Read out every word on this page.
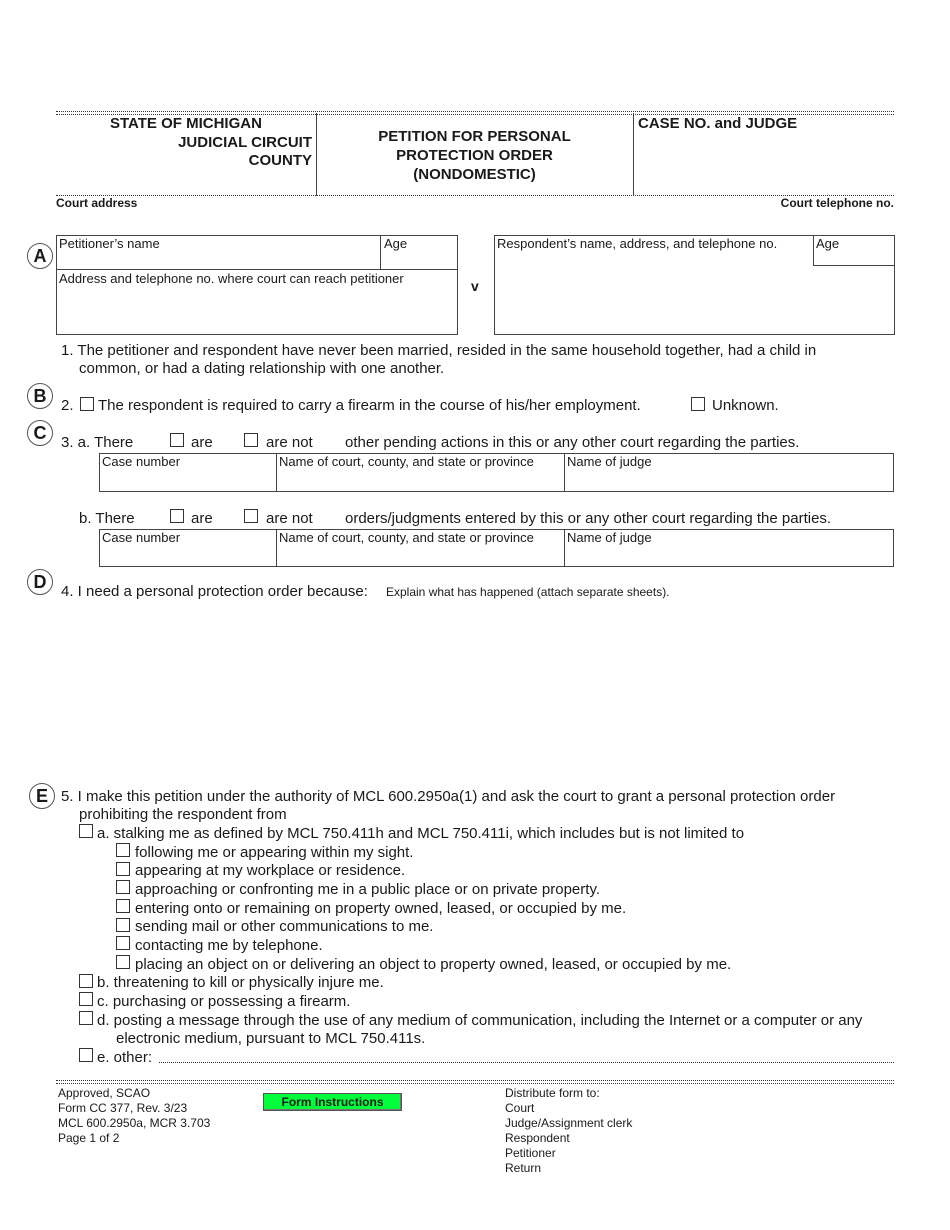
STATE OF MICHIGAN
JUDICIAL CIRCUIT
COUNTY
PETITION FOR PERSONAL
PROTECTION ORDER
(NONDOMESTIC)
CASE NO. and JUDGE
Court address	Court telephone no.
A
Petitioner’s name	Age
Address and telephone no. where court can reach petitioner	v
Respondent’s name, address, and telephone no.	Age
1. The petitioner and respondent have never been married, resided in the same household together, had a child in
common, or had a dating relationship with one another.
B 2. The respondent is required to carry a firearm in the course of his/her employment.	Unknown.
C 3. a. There	are	are not other pending actions in this or any other court regarding the parties.
Case number	Name of court, county, and state or province	Name of judge
b. There	are	are not orders/judgments entered by this or any other court regarding the parties.
Case number	Name of court, county, and state or province	Name of judge
D 4. I need a personal protection order because: Explain what has happened (attach separate sheets).
E 5. I make this petition under the authority of MCL 600.2950a(1) and ask the court to grant a personal protection order
prohibiting the respondent from
a. stalking me as defined by MCL 750.411h and MCL 750.411i, which includes but is not limited to
following me or appearing within my sight.
appearing at my workplace or residence.
approaching or confronting me in a public place or on private property.
entering onto or remaining on property owned, leased, or occupied by me.
sending mail or other communications to me.
contacting me by telephone.
placing an object on or delivering an object to property owned, leased, or occupied by me.
b. threatening to kill or physically injure me.
c. purchasing or possessing a firearm.
d. posting a message through the use of any medium of communication, including the Internet or a computer or any
electronic medium, pursuant to MCL 750.411s.
e. other:
Approved, SCAO
Form CC 377, Rev. 3/23
MCL 600.2950a, MCR 3.703
Page 1 of 2
Form Instructions
Distribute form to:
Court
Judge/Assignment clerk
Respondent
Petitioner
Return
